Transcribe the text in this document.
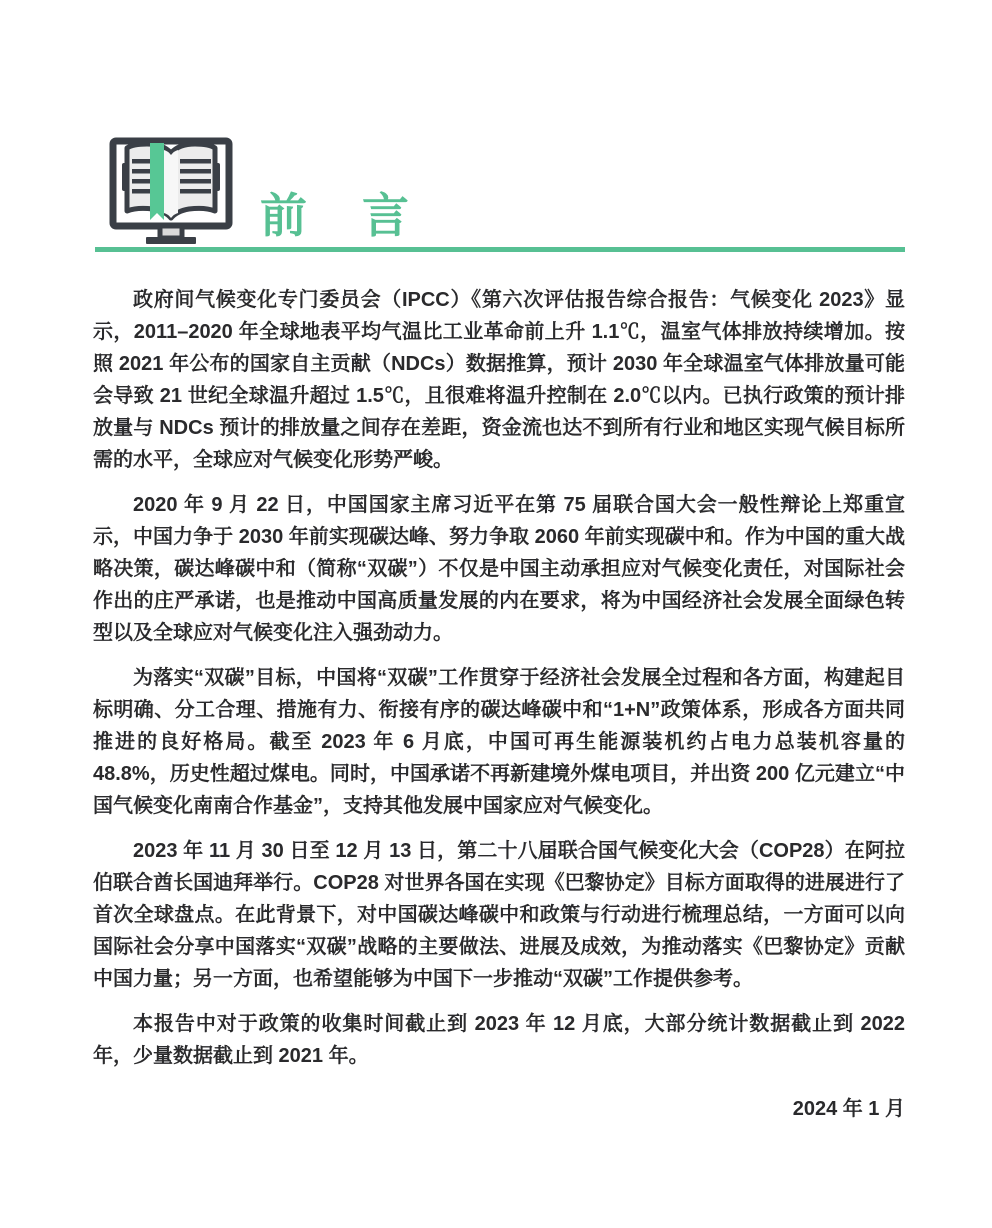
前　言

政府间气候变化专门委员会（IPCC）《第六次评估报告综合报告：气候变化 2023》显示，2011–2020 年全球地表平均气温比工业革命前上升 1.1℃，温室气体排放持续增加。按照 2021 年公布的国家自主贡献（NDCs）数据推算，预计 2030 年全球温室气体排放量可能会导致 21 世纪全球温升超过 1.5℃，且很难将温升控制在 2.0℃以内。已执行政策的预计排放量与 NDCs 预计的排放量之间存在差距，资金流也达不到所有行业和地区实现气候目标所需的水平，全球应对气候变化形势严峻。

2020 年 9 月 22 日，中国国家主席习近平在第 75 届联合国大会一般性辩论上郑重宣示，中国力争于 2030 年前实现碳达峰、努力争取 2060 年前实现碳中和。作为中国的重大战略决策，碳达峰碳中和（简称“双碳”）不仅是中国主动承担应对气候变化责任，对国际社会作出的庄严承诺，也是推动中国高质量发展的内在要求，将为中国经济社会发展全面绿色转型以及全球应对气候变化注入强劲动力。

为落实“双碳”目标，中国将“双碳”工作贯穿于经济社会发展全过程和各方面，构建起目标明确、分工合理、措施有力、衔接有序的碳达峰碳中和“1+N”政策体系，形成各方面共同推进的良好格局。截至 2023 年 6 月底，中国可再生能源装机约占电力总装机容量的 48.8%，历史性超过煤电。同时，中国承诺不再新建境外煤电项目，并出资 200 亿元建立“中国气候变化南南合作基金”，支持其他发展中国家应对气候变化。

2023 年 11 月 30 日至 12 月 13 日，第二十八届联合国气候变化大会（COP28）在阿拉伯联合酋长国迪拜举行。COP28 对世界各国在实现《巴黎协定》目标方面取得的进展进行了首次全球盘点。在此背景下，对中国碳达峰碳中和政策与行动进行梳理总结，一方面可以向国际社会分享中国落实“双碳”战略的主要做法、进展及成效，为推动落实《巴黎协定》贡献中国力量；另一方面，也希望能够为中国下一步推动“双碳”工作提供参考。

本报告中对于政策的收集时间截止到 2023 年 12 月底，大部分统计数据截止到 2022 年，少量数据截止到 2021 年。

2024 年 1 月
